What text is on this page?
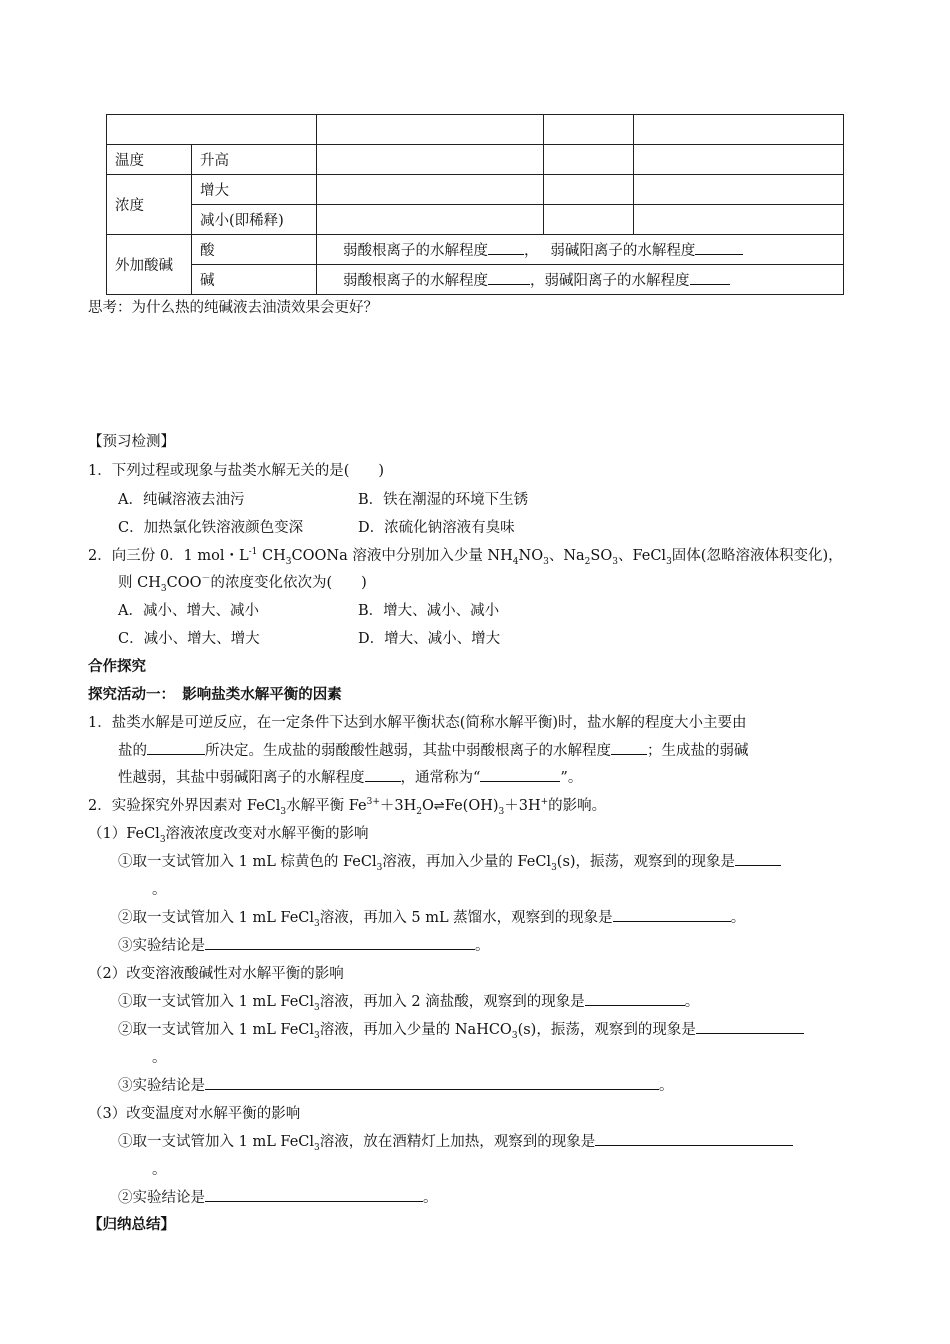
温度	升高			
浓度	增大			
	减小(即稀释)			
外加酸碱	酸	弱酸根离子的水解程度 ，　 弱碱阳离子的水解程度		
	碱	弱酸根离子的水解程度 ，弱碱阳离子的水解程度		
思考：为什么热的纯碱液去油渍效果会更好？
【预习检测】
1．下列过程或现象与盐类水解无关的是(　　)
A．纯碱溶液去油污	B．铁在潮湿的环境下生锈
C．加热氯化铁溶液颜色变深	D．浓硫化钠溶液有臭味
2．向三份 0．1 mol・$L^{-1}$ $CH_3COONa$ 溶液中分别加入少量 $NH_4NO_3$、$Na_2SO_3$、FeCl$_3$固体(忽略溶液体积变化)，
则 $CH_3COO^-$的浓度变化依次为(　　)
A．减小、增大、减小	B．增大、减小、减小
C．减小、增大、增大	D．增大、减小、增大
合作探究
探究活动一：　影响盐类水解平衡的因素
1．盐类水解是可逆反应，在一定条件下达到水解平衡状态(简称水解平衡)时，盐水解的程度大小主要由
盐的	所决定。生成盐的弱酸酸性越弱，其盐中弱酸根离子的水解程度 ；生成盐的弱碱
性越弱，其盐中弱碱阳离子的水解程度 ，通常称为“	”。
2．实验探究外界因素对 FeCl$_3$水解平衡 $Fe^{3+}+3H_2O\rightleftharpoons Fe(OH)_3+3H^+$的影响。
（1）FeCl$_3$溶液浓度改变对水解平衡的影响
①取一支试管加入 1 mL 棕黄色的 FeCl$_3$溶液，再加入少量的 FeCl$_3$(s)，振荡，观察到的现象是
。
②取一支试管加入 1 mL FeCl$_3$溶液，再加入 5 mL 蒸馏水，观察到的现象是	。
③实验结论是	。
（2）改变溶液酸碱性对水解平衡的影响
①取一支试管加入 1 mL FeCl$_3$溶液，再加入 2 滴盐酸，观察到的现象是	。
②取一支试管加入 1 mL FeCl$_3$溶液，再加入少量的 NaHCO$_3$(s)，振荡，观察到的现象是
。
③实验结论是	。
（3）改变温度对水解平衡的影响
①取一支试管加入 1 mL FeCl$_3$溶液，放在酒精灯上加热，观察到的现象是
。
②实验结论是	。
【归纳总结】
